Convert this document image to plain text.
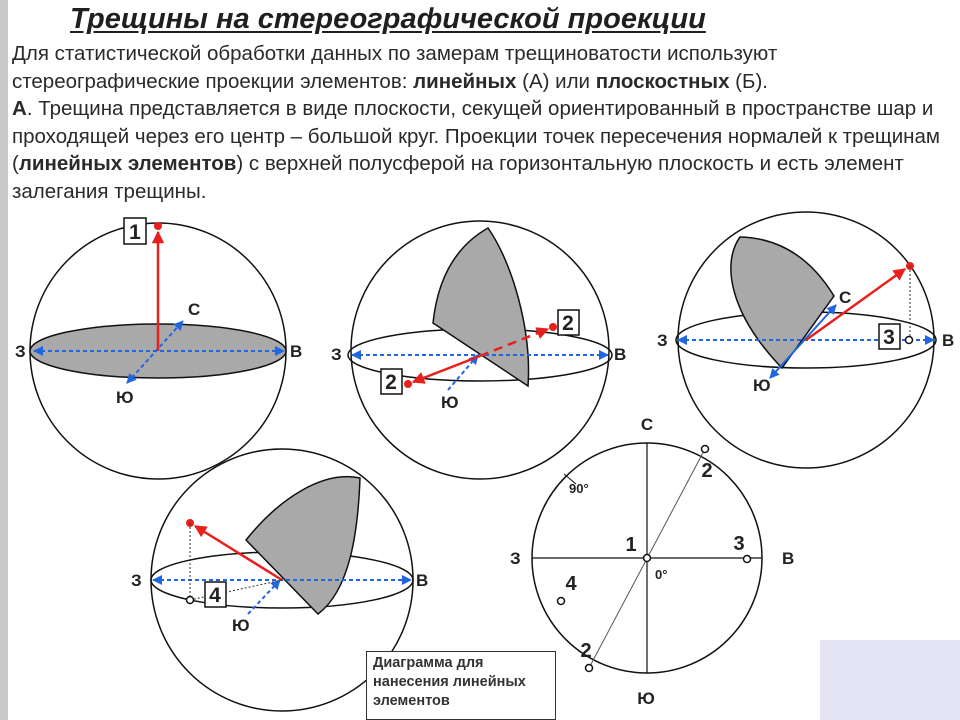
Трещины на стереографической проекции

Для статистической обработки данных по замерам трещиноватости используют стереографические проекции элементов: линейных (А) или плоскостных (Б).
А. Трещина представляется в виде плоскости, секущей ориентированный в пространстве шар и проходящей через его центр – большой круг. Проекции точек пересечения нормалей к трещинам (линейных элементов) с верхней полусферой на горизонтальную плоскость и есть элемент залегания трещины.

1
С
Ю
З	В
2
2
З	В
Ю
3
С
Ю
З	В
4
Ю
З	В
С
Ю
З	В
90°
0°
1
2
2
3
4

Диаграмма для нанесения линейных элементов
